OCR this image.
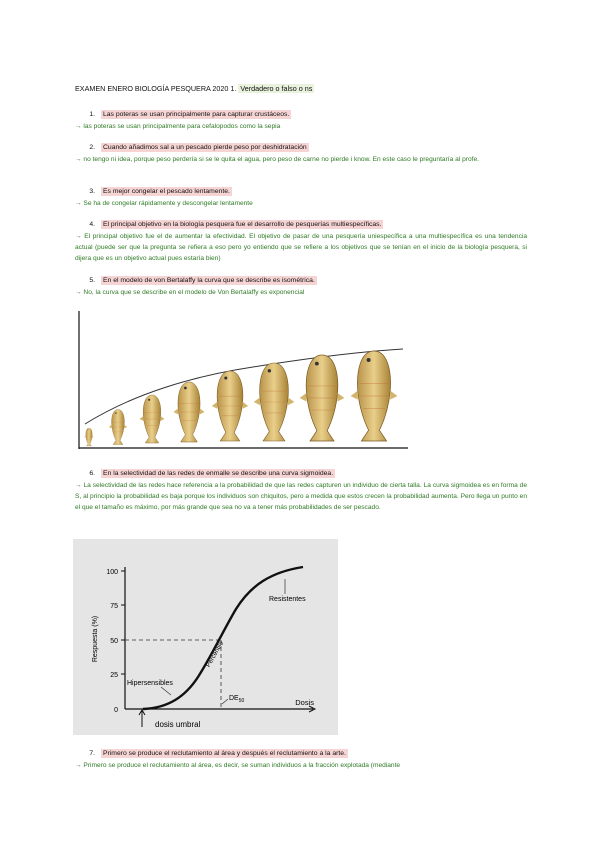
EXAMEN ENERO BIOLOGÍA PESQUERA 2020 1. Verdadero o falso o ns
1. Las poteras se usan principalmente para capturar crustáceos.
→ las poteras se usan principalmente para cefalopodos como la sepia
2. Cuando añadimos sal a un pescado pierde peso por deshidratación
→ no tengo ni idea, porque peso perdería si se le quita el agua, pero peso de carne no pierde i know. En este caso le preguntaría al profe.
3. Es mejor congelar el pescado lentamente.
→ Se ha de congelar rápidamente y descongelar lentamente
4. El principal objetivo en la biología pesquera fue el desarrollo de pesquerías multiespecíficas.
→ El principal objetivo fue el de aumentar la efectividad. El objetivo de pasar de una pesquería uniespecífica a una multiespecífica es una tendencia actual (puede ser que la pregunta se refiera a eso pero yo entiendo que se refiere a los objetivos que se tenían en el inicio de la biología pesquera, si dijera que es un objetivo actual pues estaría bien)
5. En el modelo de von Bertalaffy la curva que se describe es isométrica.
→ No, la curva que se describe en el modelo de Von Bertalaffy es exponencial
6. En la selectividad de las redes de enmalle se describe una curva sigmoidea.
→ La selectividad de las redes hace referencia a la probabilidad de que las redes capturen un individuo de cierta talla. La curva sigmoidea es en forma de S, al principio la probabilidad es baja porque los individuos son chiquitos, pero a medida que estos crecen la probabilidad aumenta. Pero llega un punto en el que el tamaño es máximo, por más grande que sea no va a tener más probabilidades de ser pescado.
100
75
50
25
0
Respuesta (%)
Dosis
Resistentes
Percentile
Hipersensibles
$DE_{50}$
dosis umbral
7. Primero se produce el reclutamiento al área y después el reclutamiento a la arte.
→ Primero se produce el reclutamiento al área, es decir, se suman individuos a la fracción explotada (mediante
